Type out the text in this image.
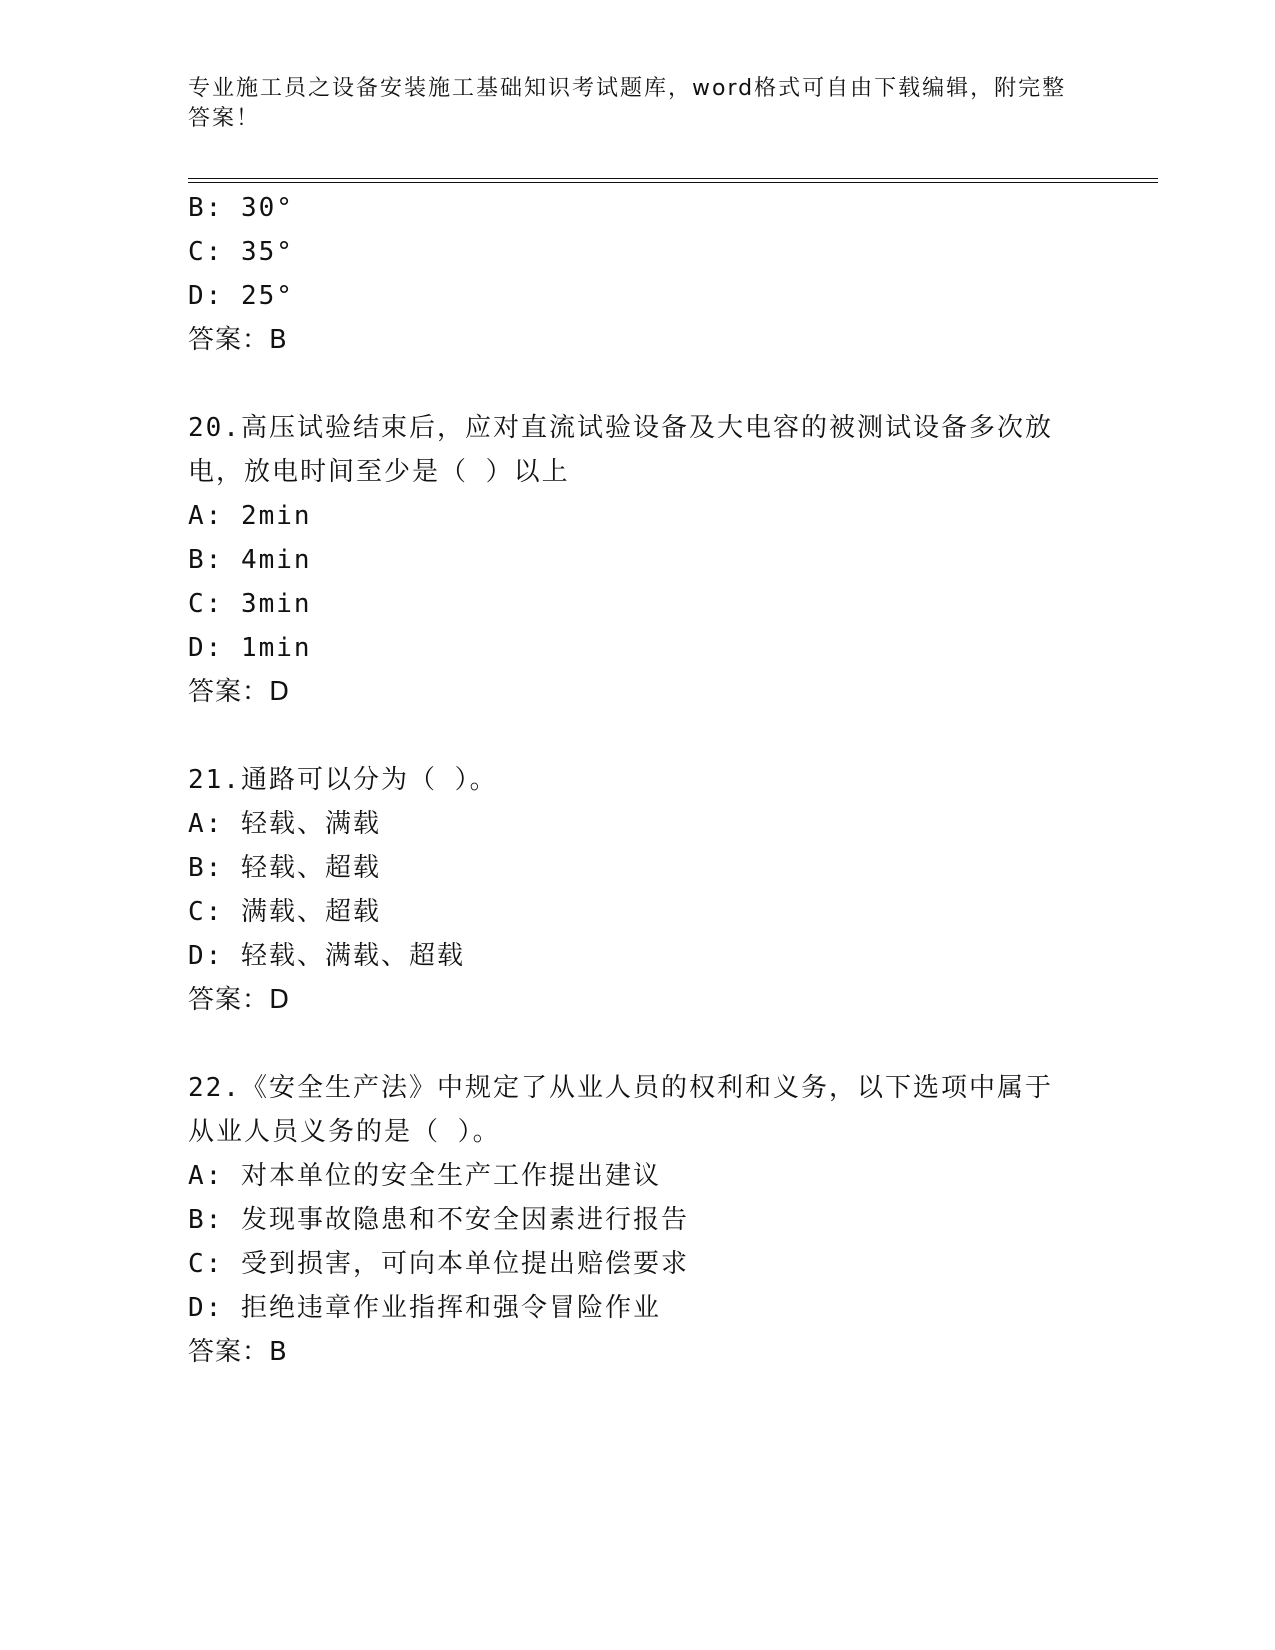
专业施工员之设备安装施工基础知识考试题库，word格式可自由下载编辑，附完整答案！
B: 30°
C: 35°
D: 25°
答案：B
20.高压试验结束后，应对直流试验设备及大电容的被测试设备多次放
电，放电时间至少是（ ）以上
A: 2min
B: 4min
C: 3min
D: 1min
答案：D
21.通路可以分为（ ）。
A: 轻载、满载
B: 轻载、超载
C: 满载、超载
D: 轻载、满载、超载
答案：D
22.《安全生产法》中规定了从业人员的权利和义务，以下选项中属于
从业人员义务的是（ ）。
A: 对本单位的安全生产工作提出建议
B: 发现事故隐患和不安全因素进行报告
C: 受到损害，可向本单位提出赔偿要求
D: 拒绝违章作业指挥和强令冒险作业
答案：B
